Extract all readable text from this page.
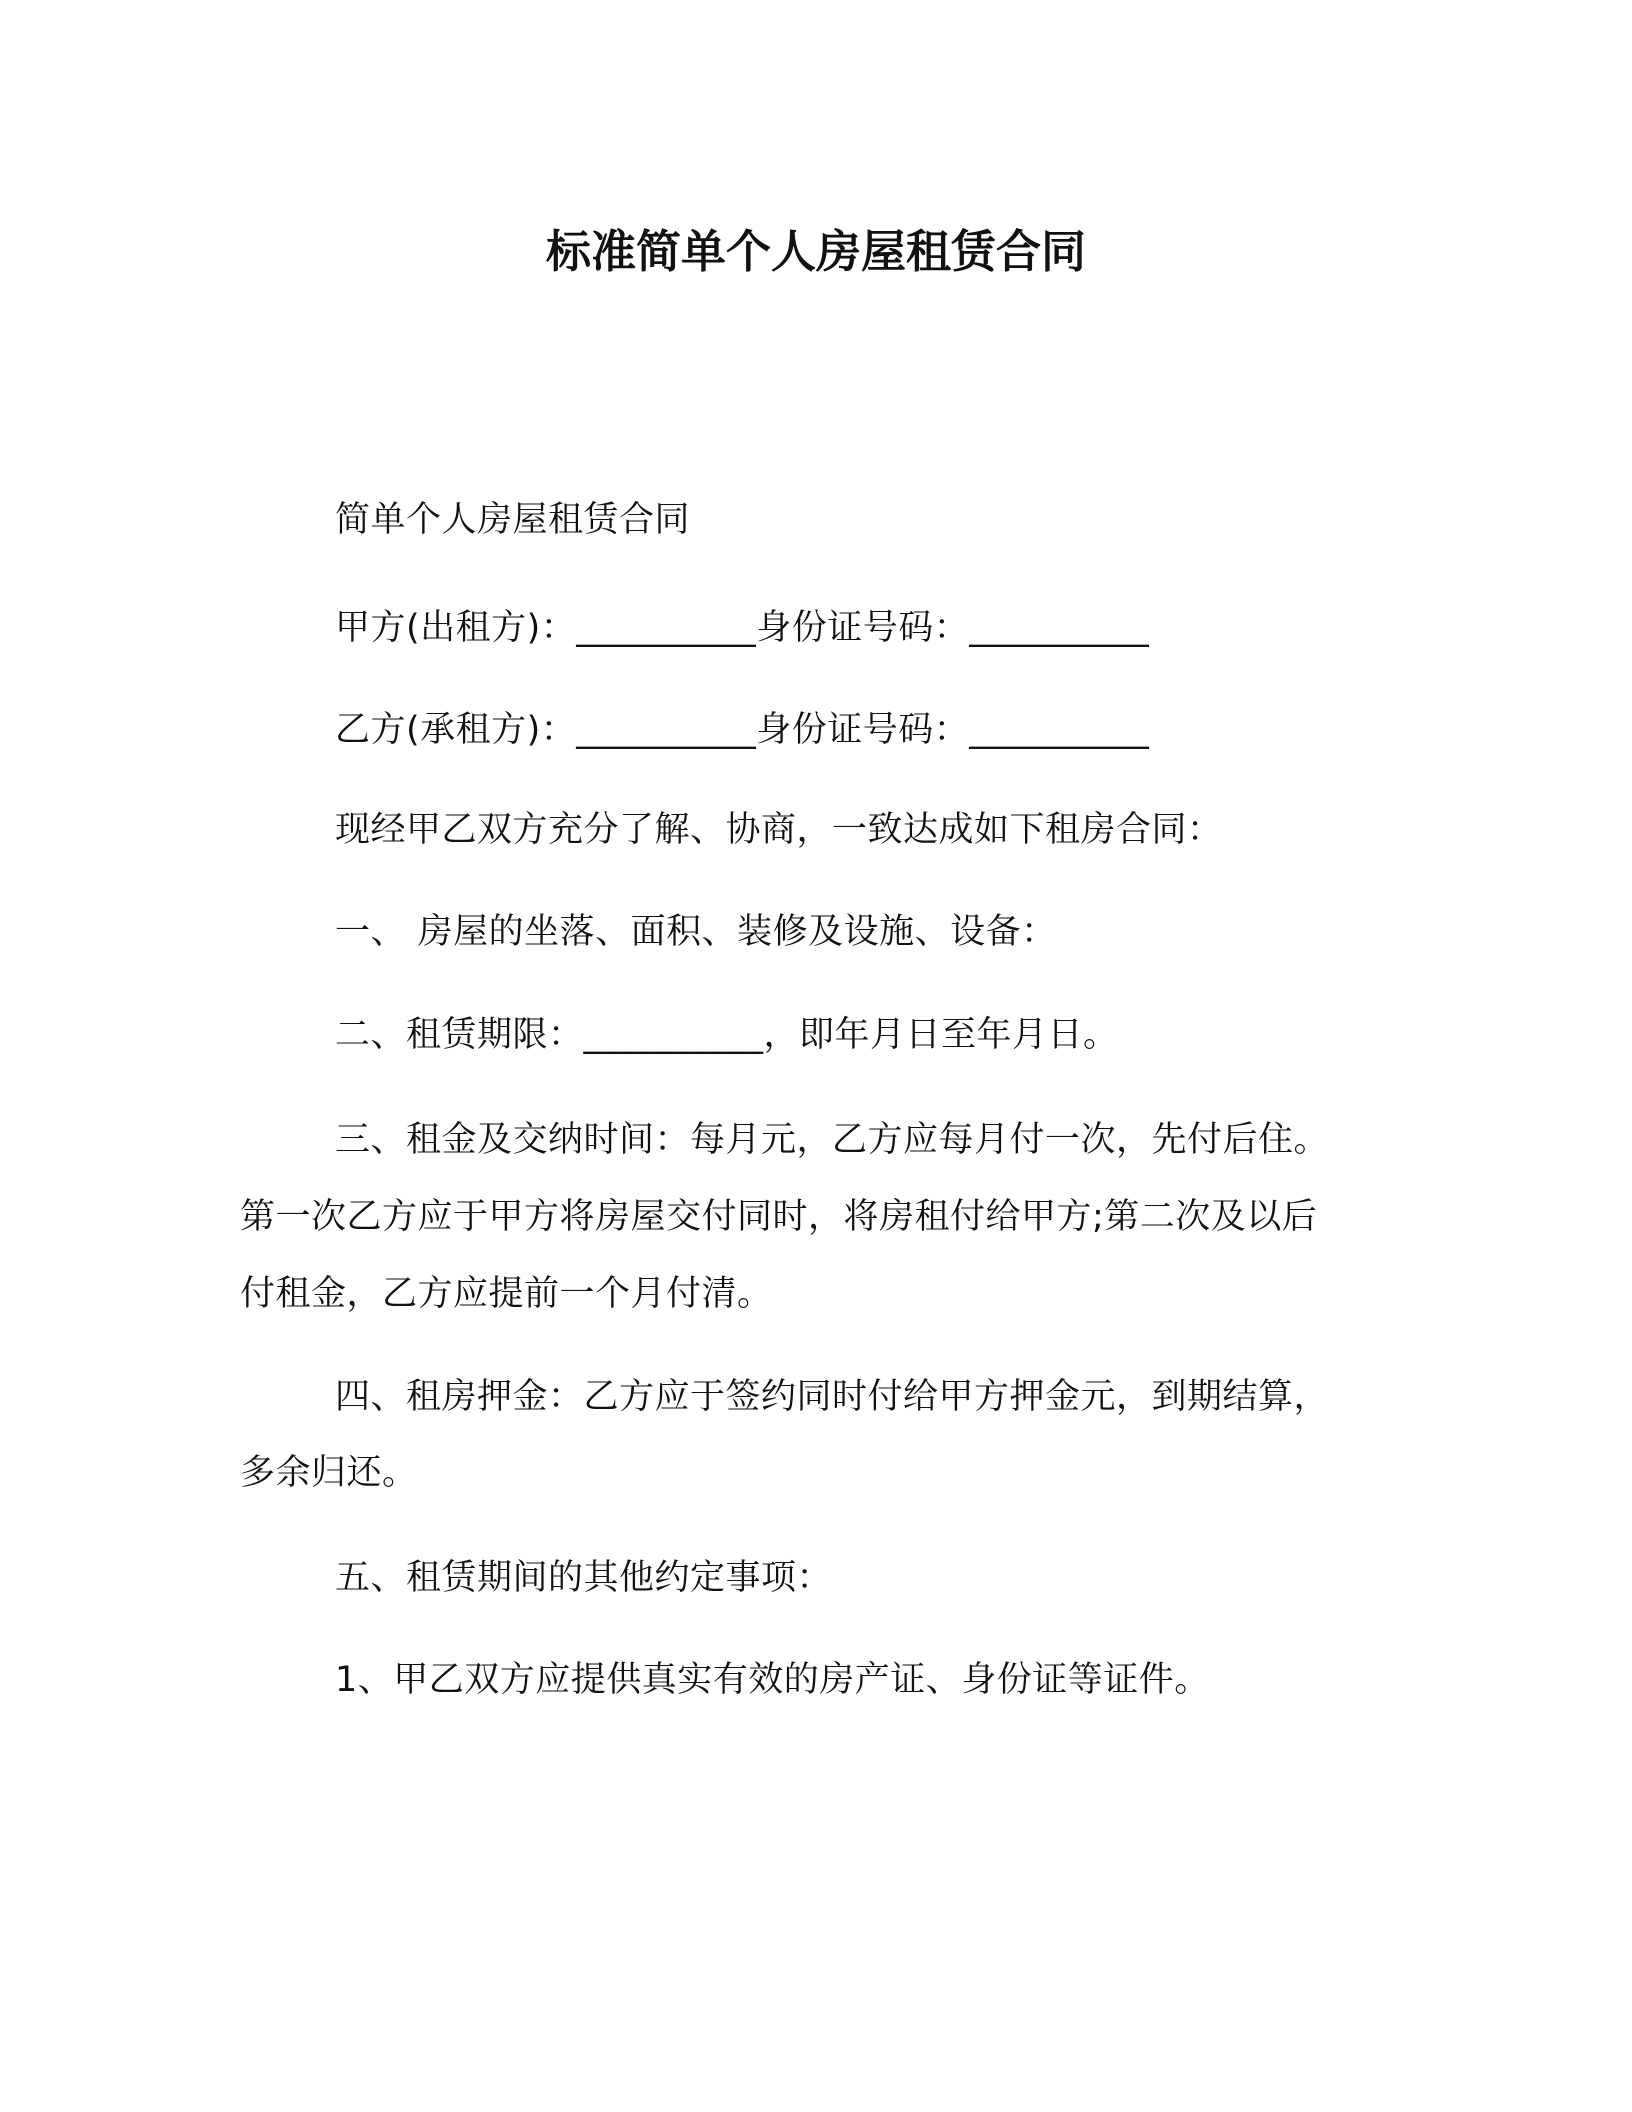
标准简单个人房屋租赁合同
简单个人房屋租赁合同
甲方(出租方)：__________身份证号码：__________
乙方(承租方)：__________身份证号码：__________
现经甲乙双方充分了解、协商，一致达成如下租房合同：
一、 房屋的坐落、面积、装修及设施、设备：
二、租赁期限：__________，即年月日至年月日。
三、租金及交纳时间：每月元，乙方应每月付一次，先付后住。
第一次乙方应于甲方将房屋交付同时，将房租付给甲方;第二次及以后
付租金，乙方应提前一个月付清。
四、租房押金：乙方应于签约同时付给甲方押金元，到期结算，
多余归还。
五、租赁期间的其他约定事项：
1、甲乙双方应提供真实有效的房产证、身份证等证件。
